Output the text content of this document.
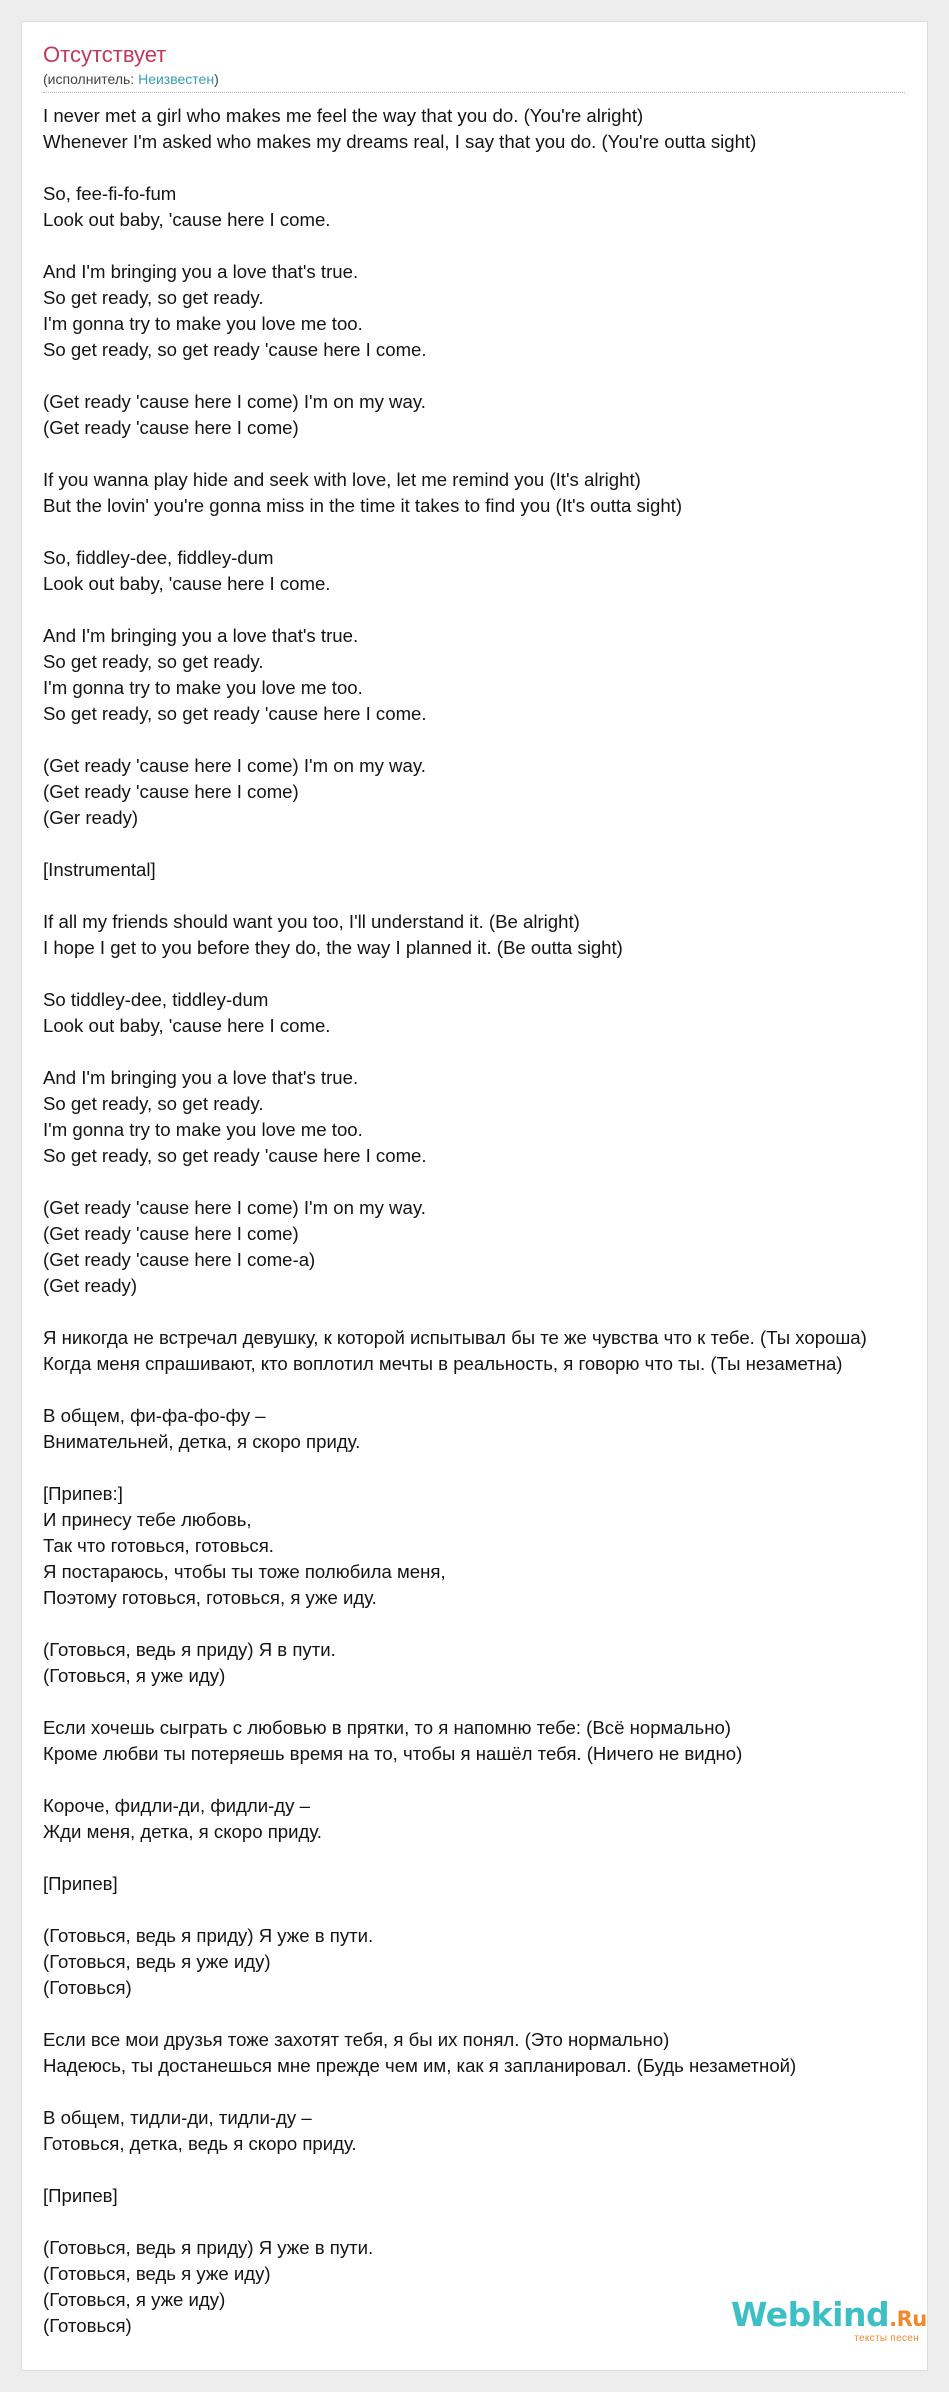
Отсутствует
(исполнитель: Неизвестен)
I never met a girl who makes me feel the way that you do. (You're alright)
Whenever I'm asked who makes my dreams real, I say that you do. (You're outta sight)
So, fee-fi-fo-fum
Look out baby, 'cause here I come.
And I'm bringing you a love that's true.
So get ready, so get ready.
I'm gonna try to make you love me too.
So get ready, so get ready 'cause here I come.
(Get ready 'cause here I come) I'm on my way.
(Get ready 'cause here I come)
If you wanna play hide and seek with love, let me remind you (It's alright)
But the lovin' you're gonna miss in the time it takes to find you (It's outta sight)
So, fiddley-dee, fiddley-dum
Look out baby, 'cause here I come.
And I'm bringing you a love that's true.
So get ready, so get ready.
I'm gonna try to make you love me too.
So get ready, so get ready 'cause here I come.
(Get ready 'cause here I come) I'm on my way.
(Get ready 'cause here I come)
(Ger ready)
[Instrumental]
If all my friends should want you too, I'll understand it. (Be alright)
I hope I get to you before they do, the way I planned it. (Be outta sight)
So tiddley-dee, tiddley-dum
Look out baby, 'cause here I come.
And I'm bringing you a love that's true.
So get ready, so get ready.
I'm gonna try to make you love me too.
So get ready, so get ready 'cause here I come.
(Get ready 'cause here I come) I'm on my way.
(Get ready 'cause here I come)
(Get ready 'cause here I come-a)
(Get ready)
Я никогда не встречал девушку, к которой испытывал бы те же чувства что к тебе. (Ты хороша)
Когда меня спрашивают, кто воплотил мечты в реальность, я говорю что ты. (Ты незаметна)
В общем, фи-фа-фо-фу –
Внимательней, детка, я скоро приду.
[Припев:]
И принесу тебе любовь,
Так что готовься, готовься.
Я постараюсь, чтобы ты тоже полюбила меня,
Поэтому готовься, готовься, я уже иду.
(Готовься, ведь я приду) Я в пути.
(Готовься, я уже иду)
Если хочешь сыграть с любовью в прятки, то я напомню тебе: (Всё нормально)
Кроме любви ты потеряешь время на то, чтобы я нашёл тебя. (Ничего не видно)
Короче, фидли-ди, фидли-ду –
Жди меня, детка, я скоро приду.
[Припев]
(Готовься, ведь я приду) Я уже в пути.
(Готовься, ведь я уже иду)
(Готовься)
Если все мои друзья тоже захотят тебя, я бы их понял. (Это нормально)
Надеюсь, ты достанешься мне прежде чем им, как я запланировал. (Будь незаметной)
В общем, тидли-ди, тидли-ду –
Готовься, детка, ведь я скоро приду.
[Припев]
(Готовься, ведь я приду) Я уже в пути.
(Готовься, ведь я уже иду)
(Готовься, я уже иду)
(Готовься)	Webkind.Ru
тексты песен
